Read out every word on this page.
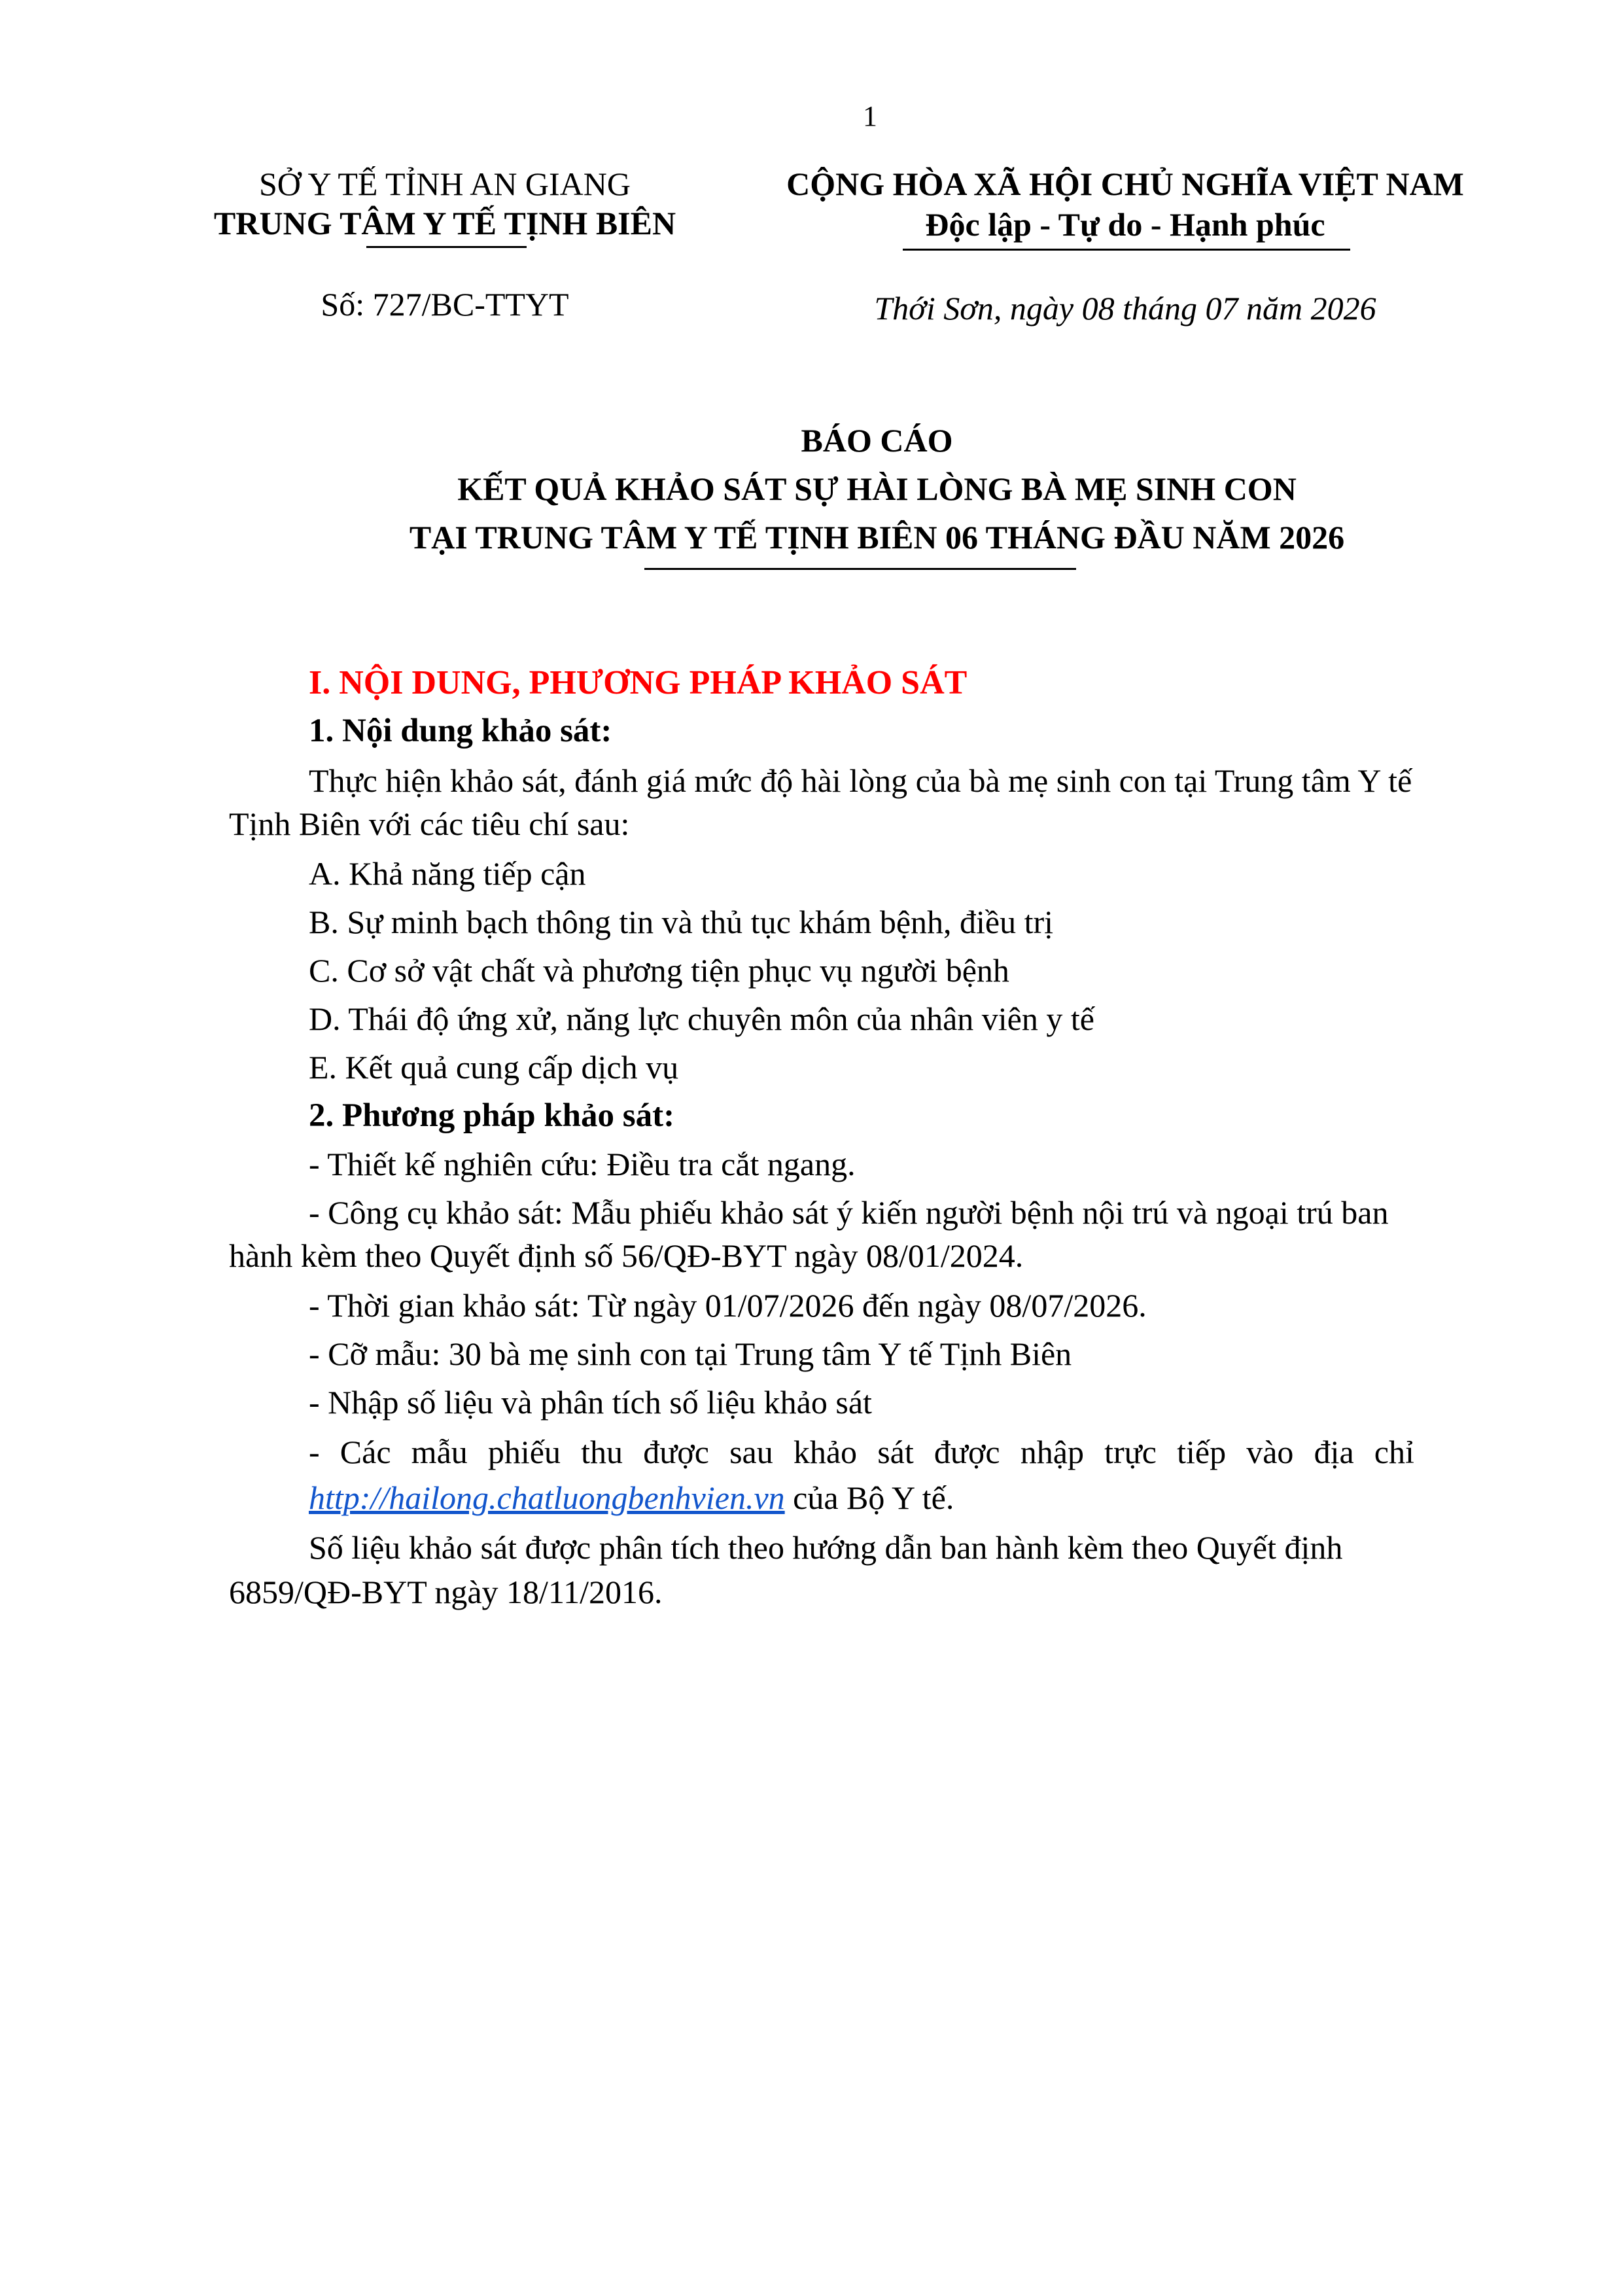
1
SỞ Y TẾ TỈNH AN GIANG
TRUNG TÂM Y TẾ TỊNH BIÊN
Số: 727/BC-TTYT
CỘNG HÒA XÃ HỘI CHỦ NGHĨA VIỆT NAM
Độc lập - Tự do - Hạnh phúc
Thới Sơn, ngày 08 tháng 07 năm 2026
BÁO CÁO
KẾT QUẢ KHẢO SÁT SỰ HÀI LÒNG BÀ MẸ SINH CON
TẠI TRUNG TÂM Y TẾ TỊNH BIÊN 06 THÁNG ĐẦU NĂM 2026
I. NỘI DUNG, PHƯƠNG PHÁP KHẢO SÁT
1. Nội dung khảo sát:
Thực hiện khảo sát, đánh giá mức độ hài lòng của bà mẹ sinh con tại Trung tâm Y tế
Tịnh Biên với các tiêu chí sau:
A. Khả năng tiếp cận
B. Sự minh bạch thông tin và thủ tục khám bệnh, điều trị
C. Cơ sở vật chất và phương tiện phục vụ người bệnh
D. Thái độ ứng xử, năng lực chuyên môn của nhân viên y tế
E. Kết quả cung cấp dịch vụ
2. Phương pháp khảo sát:
- Thiết kế nghiên cứu: Điều tra cắt ngang.
- Công cụ khảo sát: Mẫu phiếu khảo sát ý kiến người bệnh nội trú và ngoại trú ban
hành kèm theo Quyết định số 56/QĐ-BYT ngày 08/01/2024.
- Thời gian khảo sát: Từ ngày 01/07/2026 đến ngày 08/07/2026.
- Cỡ mẫu: 30 bà mẹ sinh con tại Trung tâm Y tế Tịnh Biên
- Nhập số liệu và phân tích số liệu khảo sát
- Các mẫu phiếu thu được sau khảo sát được nhập trực tiếp vào địa chỉ
http://hailong.chatluongbenhvien.vn của Bộ Y tế.
Số liệu khảo sát được phân tích theo hướng dẫn ban hành kèm theo Quyết định
6859/QĐ-BYT ngày 18/11/2016.
